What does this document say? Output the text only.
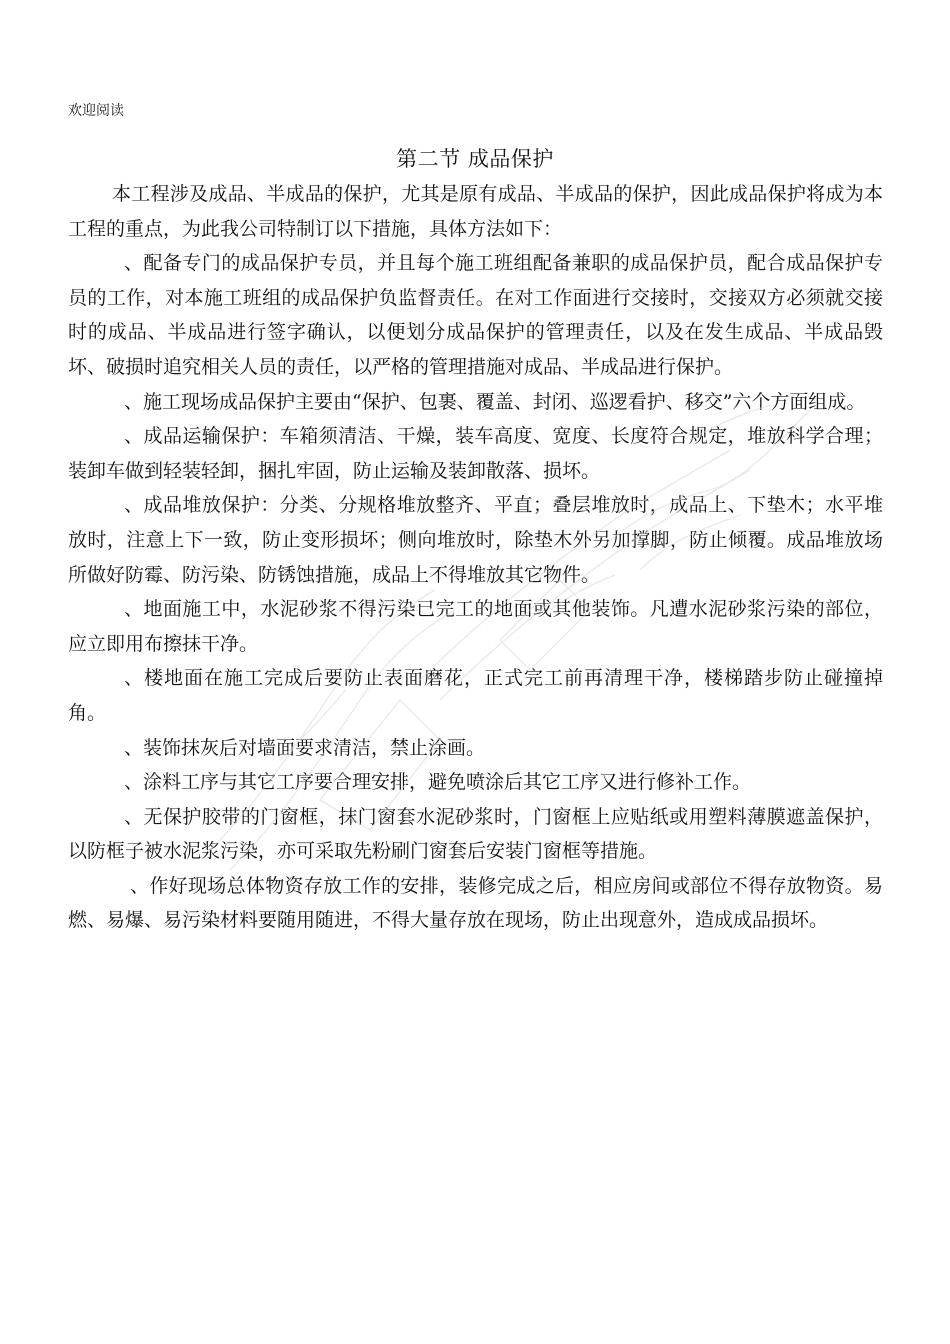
欢迎阅读
第二节 成品保护

本工程涉及成品、半成品的保护，尤其是原有成品、半成品的保护，因此成品保护将成为本工程的重点，为此我公司特制订以下措施，具体方法如下：

、配备专门的成品保护专员，并且每个施工班组配备兼职的成品保护员，配合成品保护专员的工作，对本施工班组的成品保护负监督责任。在对工作面进行交接时，交接双方必须就交接时的成品、半成品进行签字确认，以便划分成品保护的管理责任，以及在发生成品、半成品毁坏、破损时追究相关人员的责任，以严格的管理措施对成品、半成品进行保护。

、施工现场成品保护主要由“保护、包裹、覆盖、封闭、巡逻看护、移交”六个方面组成。

、成品运输保护：车箱须清洁、干燥，装车高度、宽度、长度符合规定，堆放科学合理；装卸车做到轻装轻卸，捆扎牢固，防止运输及装卸散落、损坏。

、成品堆放保护：分类、分规格堆放整齐、平直；叠层堆放时，成品上、下垫木；水平堆放时，注意上下一致，防止变形损坏；侧向堆放时，除垫木外另加撑脚，防止倾覆。成品堆放场所做好防霉、防污染、防锈蚀措施，成品上不得堆放其它物件。

、地面施工中，水泥砂浆不得污染已完工的地面或其他装饰。凡遭水泥砂浆污染的部位，应立即用布擦抹干净。

、楼地面在施工完成后要防止表面磨花，正式完工前再清理干净，楼梯踏步防止碰撞掉角。

、装饰抹灰后对墙面要求清洁，禁止涂画。

、涂料工序与其它工序要合理安排，避免喷涂后其它工序又进行修补工作。

、无保护胶带的门窗框，抹门窗套水泥砂浆时，门窗框上应贴纸或用塑料薄膜遮盖保护，以防框子被水泥浆污染，亦可采取先粉刷门窗套后安装门窗框等措施。

、作好现场总体物资存放工作的安排，装修完成之后，相应房间或部位不得存放物资。易燃、易爆、易污染材料要随用随进，不得大量存放在现场，防止出现意外，造成成品损坏。
